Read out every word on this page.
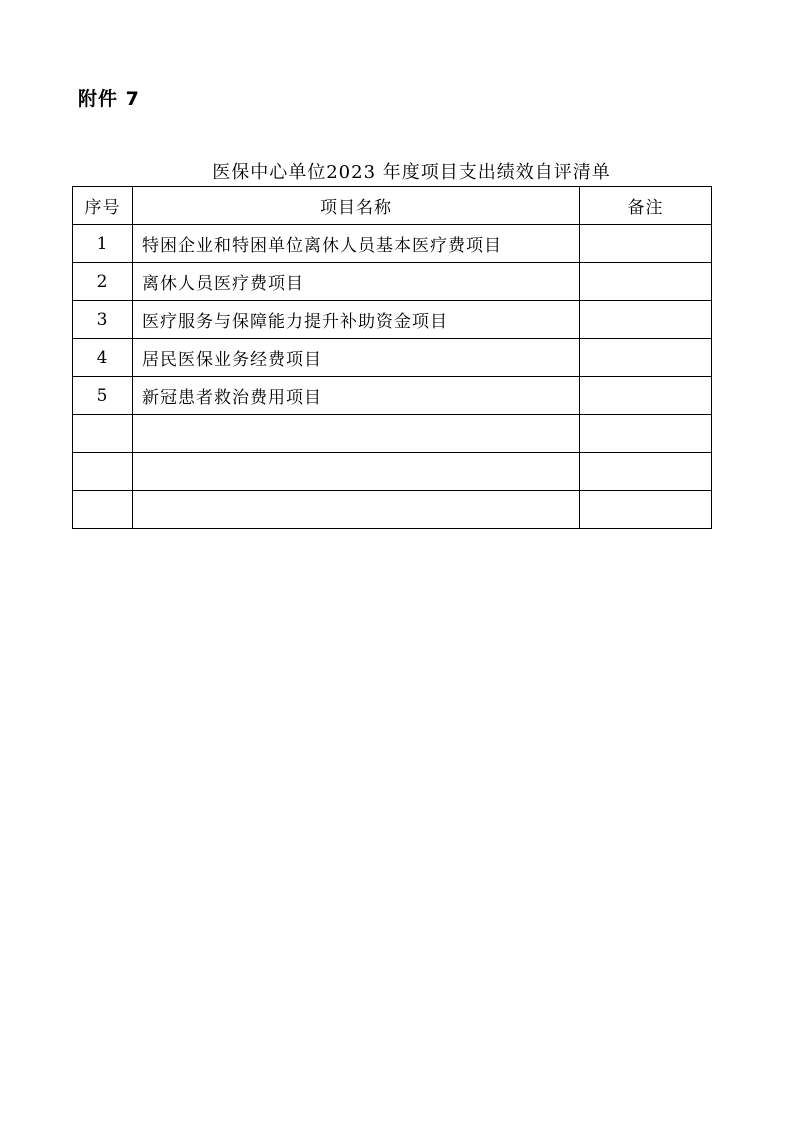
附件 7
医保中心单位2023 年度项目支出绩效自评清单
序号	项目名称	备注
1	特困企业和特困单位离休人员基本医疗费项目	
2	离休人员医疗费项目	
3	医疗服务与保障能力提升补助资金项目	
4	居民医保业务经费项目	
5	新冠患者救治费用项目	
